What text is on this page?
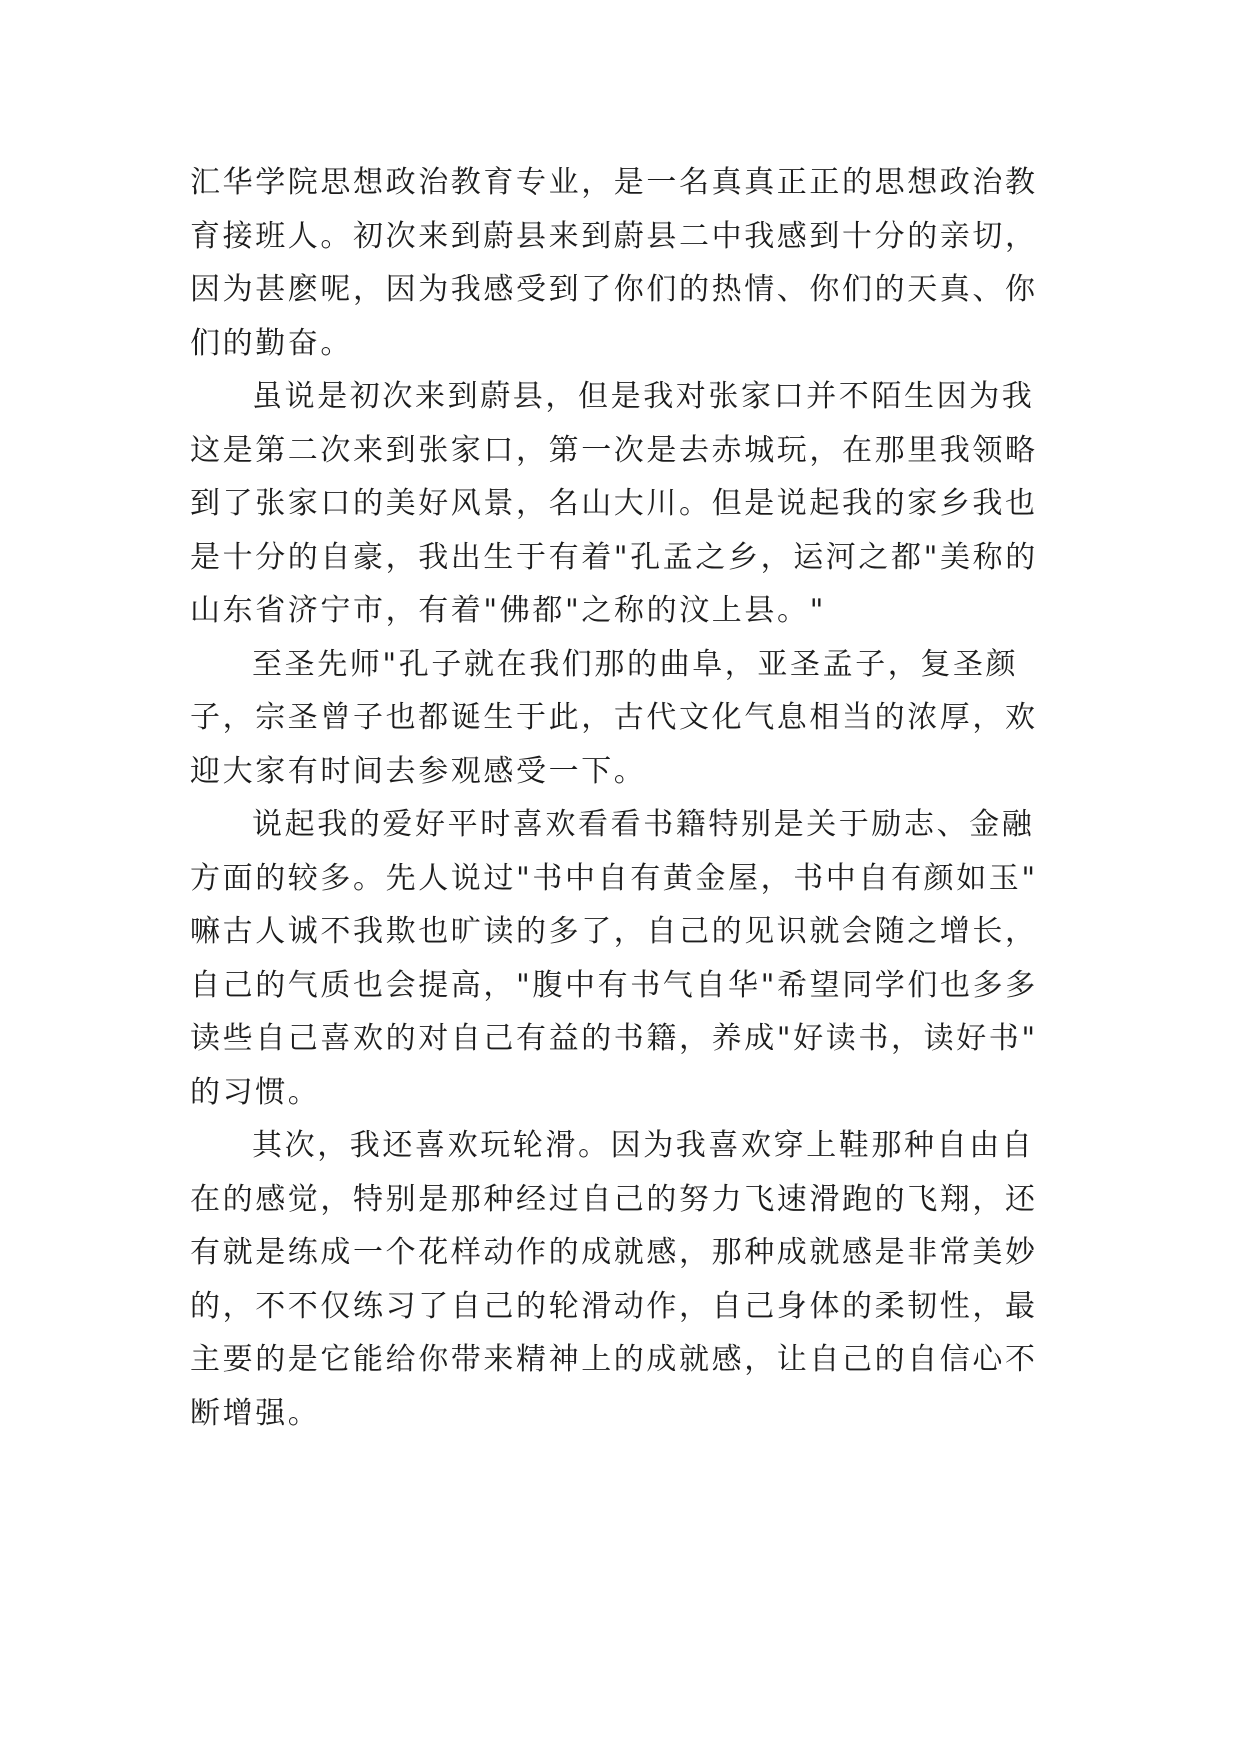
汇华学院思想政治教育专业，是一名真真正正的思想政治教
育接班人。初次来到蔚县来到蔚县二中我感到十分的亲切，
因为甚麽呢，因为我感受到了你们的热情、你们的天真、你
们的勤奋。
虽说是初次来到蔚县，但是我对张家口并不陌生因为我
这是第二次来到张家口，第一次是去赤城玩，在那里我领略
到了张家口的美好风景，名山大川。但是说起我的家乡我也
是十分的自豪，我出生于有着"孔孟之乡，运河之都"美称的
山东省济宁市，有着"佛都"之称的汶上县。"
至圣先师"孔子就在我们那的曲阜，亚圣孟子，复圣颜
子，宗圣曾子也都诞生于此，古代文化气息相当的浓厚，欢
迎大家有时间去参观感受一下。
说起我的爱好平时喜欢看看书籍特别是关于励志、金融
方面的较多。先人说过"书中自有黄金屋，书中自有颜如玉"
嘛古人诚不我欺也旷读的多了，自己的见识就会随之增长，
自己的气质也会提高，"腹中有书气自华"希望同学们也多多
读些自己喜欢的对自己有益的书籍，养成"好读书，读好书"
的习惯。
其次，我还喜欢玩轮滑。因为我喜欢穿上鞋那种自由自
在的感觉，特别是那种经过自己的努力飞速滑跑的飞翔，还
有就是练成一个花样动作的成就感，那种成就感是非常美妙
的，不不仅练习了自己的轮滑动作，自己身体的柔韧性，最
主要的是它能给你带来精神上的成就感，让自己的自信心不
断增强。
